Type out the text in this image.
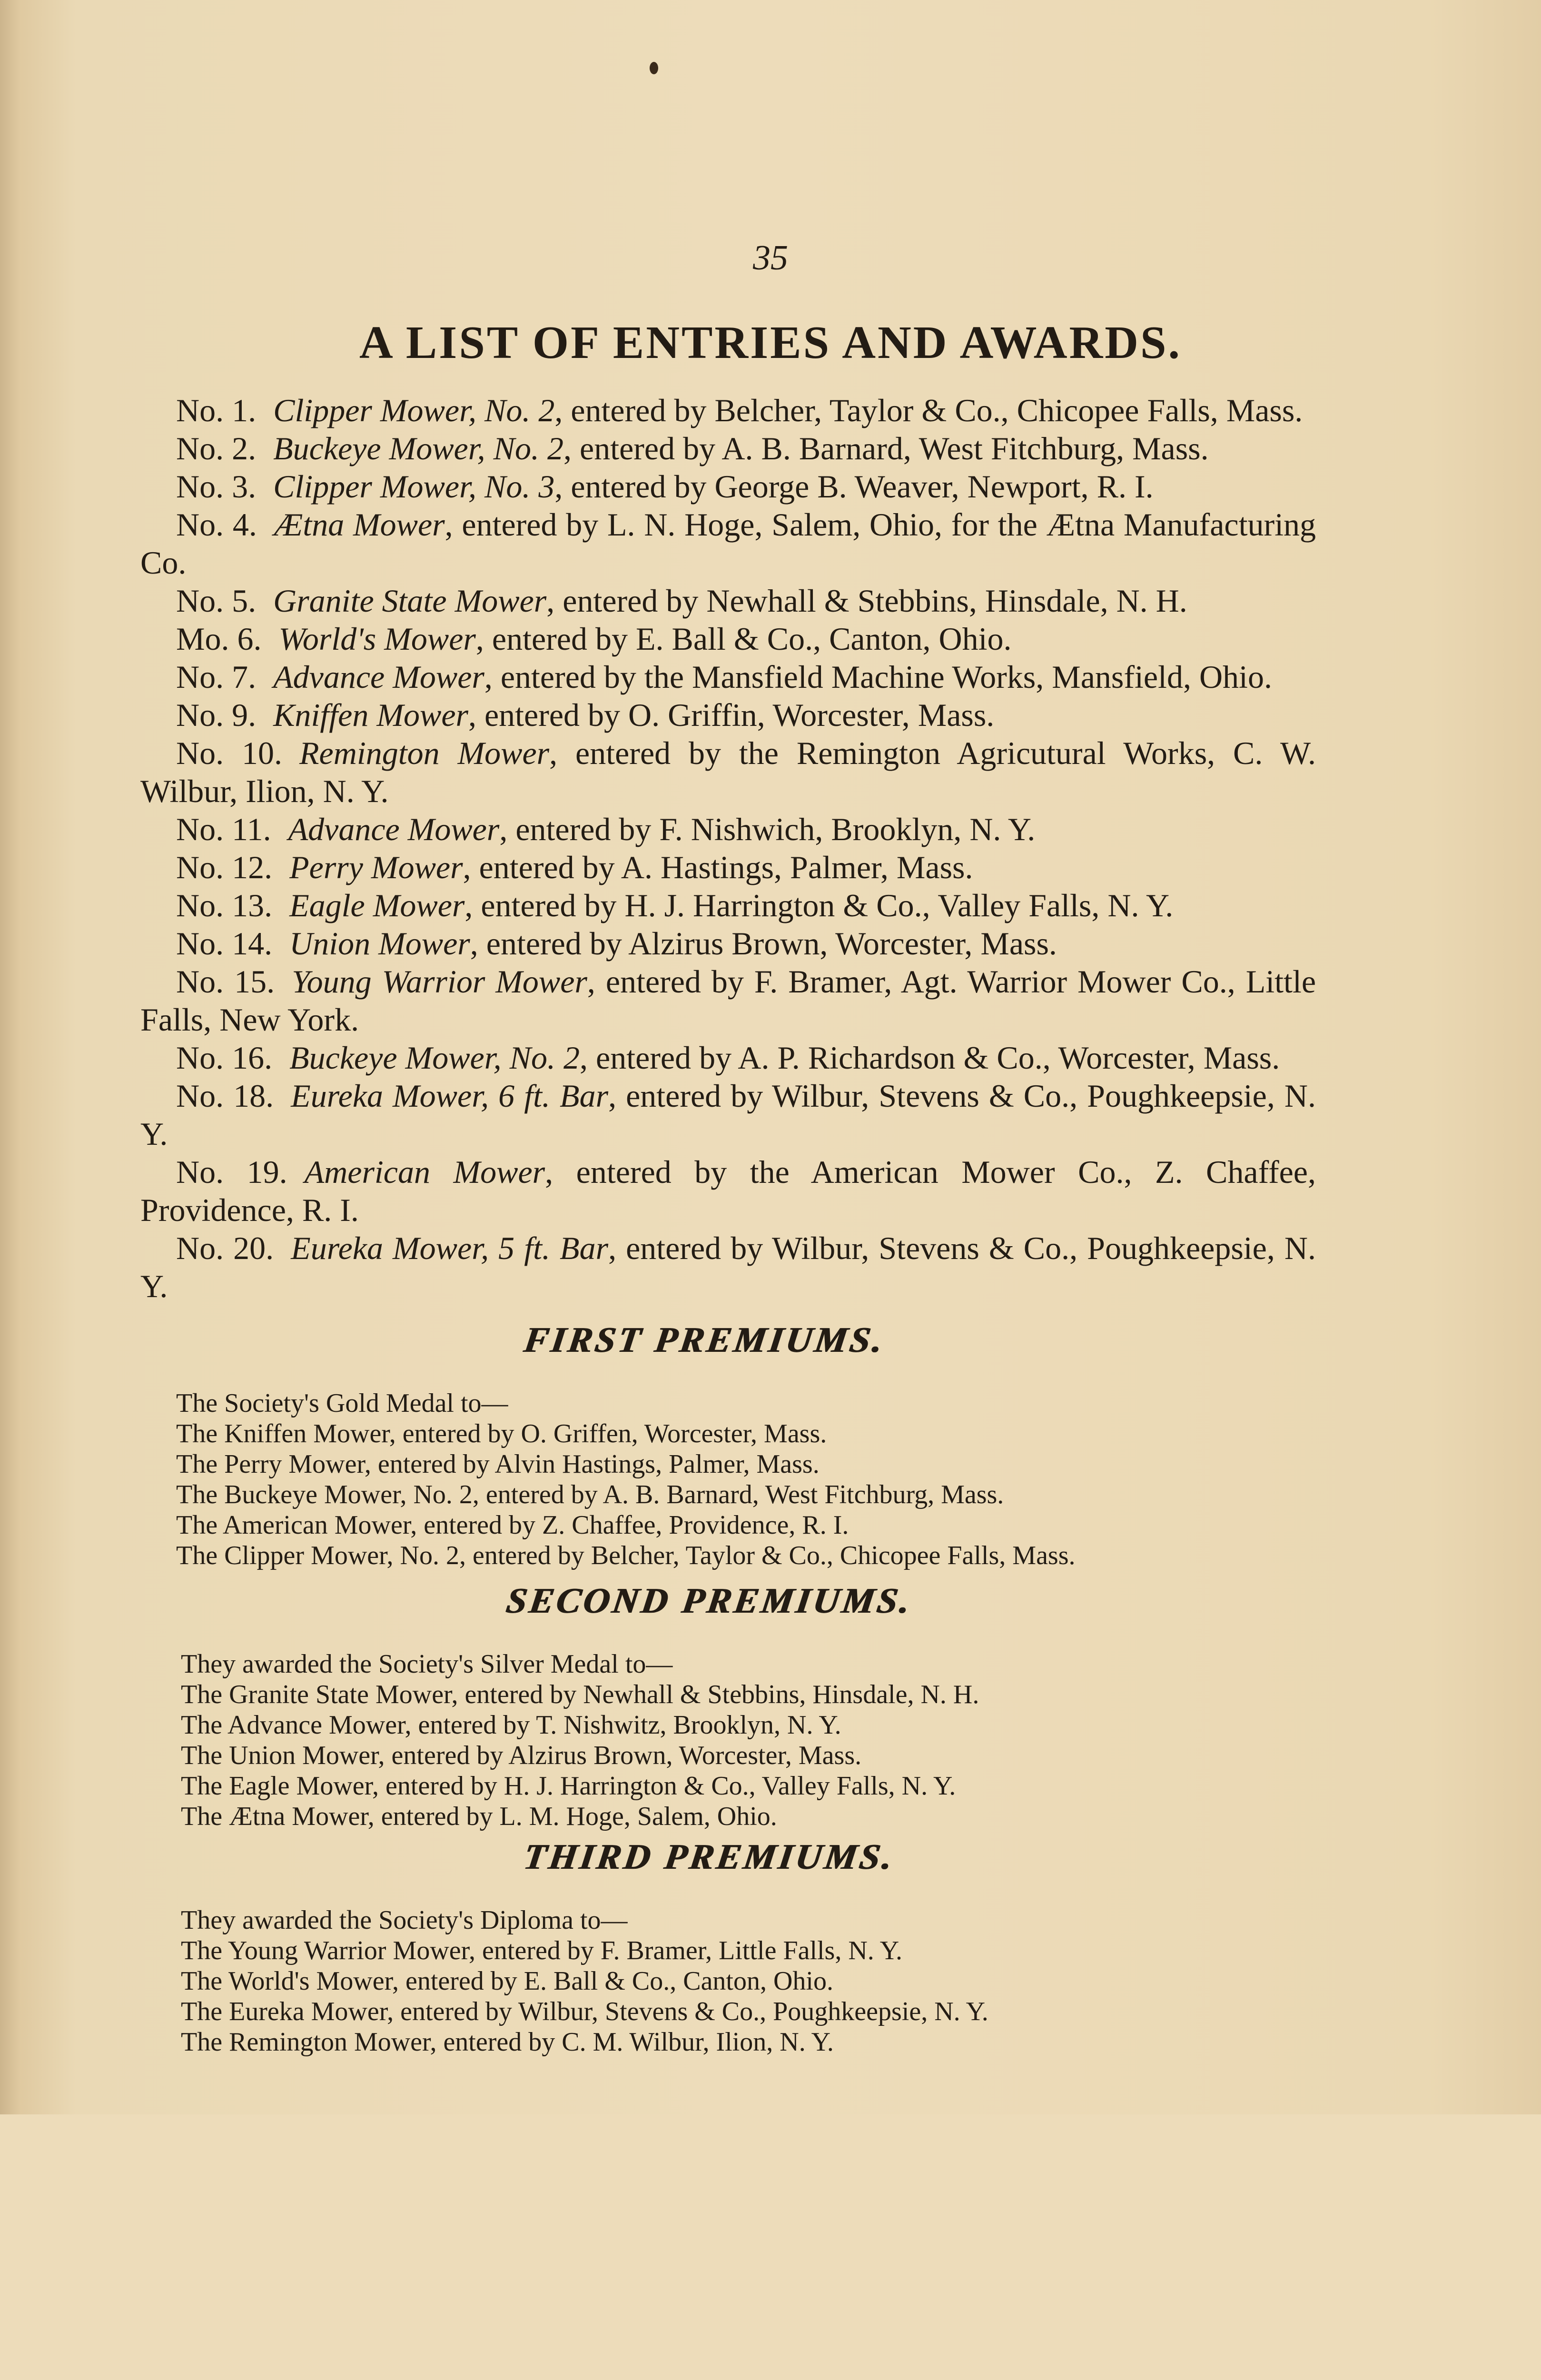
35
A LIST OF ENTRIES AND AWARDS.

No. 1. Clipper Mower, No. 2, entered by Belcher, Taylor & Co., Chicopee Falls, Mass.

No. 2. Buckeye Mower, No. 2, entered by A. B. Barnard, West Fitchburg, Mass.

No. 3. Clipper Mower, No. 3, entered by George B. Weaver, Newport, R. I.

No. 4. Ætna Mower, entered by L. N. Hoge, Salem, Ohio, for the Ætna Manufacturing Co.

No. 5. Granite State Mower, entered by Newhall & Stebbins, Hinsdale, N. H.

Mo. 6. World's Mower, entered by E. Ball & Co., Canton, Ohio.

No. 7. Advance Mower, entered by the Mansfield Machine Works, Mansfield, Ohio.

No. 9. Kniffen Mower, entered by O. Griffin, Worcester, Mass.

No. 10. Remington Mower, entered by the Remington Agricutural Works, C. W. Wilbur, Ilion, N. Y.

No. 11. Advance Mower, entered by F. Nishwich, Brooklyn, N. Y.

No. 12. Perry Mower, entered by A. Hastings, Palmer, Mass.

No. 13. Eagle Mower, entered by H. J. Harrington & Co., Valley Falls, N. Y.

No. 14. Union Mower, entered by Alzirus Brown, Worcester, Mass.

No. 15. Young Warrior Mower, entered by F. Bramer, Agt. Warrior Mower Co., Little Falls, New York.

No. 16. Buckeye Mower, No. 2, entered by A. P. Richardson & Co., Worcester, Mass.

No. 18. Eureka Mower, 6 ft. Bar, entered by Wilbur, Stevens & Co., Poughkeepsie, N. Y.

No. 19. American Mower, entered by the American Mower Co., Z. Chaffee, Providence, R. I.

No. 20. Eureka Mower, 5 ft. Bar, entered by Wilbur, Stevens & Co., Poughkeepsie, N. Y.

FIRST PREMIUMS.
The Society's Gold Medal to—
The Kniffen Mower, entered by O. Griffen, Worcester, Mass.
The Perry Mower, entered by Alvin Hastings, Palmer, Mass.
The Buckeye Mower, No. 2, entered by A. B. Barnard, West Fitchburg, Mass.
The American Mower, entered by Z. Chaffee, Providence, R. I.
The Clipper Mower, No. 2, entered by Belcher, Taylor & Co., Chicopee Falls, Mass.
SECOND PREMIUMS.
They awarded the Society's Silver Medal to—
The Granite State Mower, entered by Newhall & Stebbins, Hinsdale, N. H.
The Advance Mower, entered by T. Nishwitz, Brooklyn, N. Y.
The Union Mower, entered by Alzirus Brown, Worcester, Mass.
The Eagle Mower, entered by H. J. Harrington & Co., Valley Falls, N. Y.
The Ætna Mower, entered by L. M. Hoge, Salem, Ohio.
THIRD PREMIUMS.
They awarded the Society's Diploma to—
The Young Warrior Mower, entered by F. Bramer, Little Falls, N. Y.
The World's Mower, entered by E. Ball & Co., Canton, Ohio.
The Eureka Mower, entered by Wilbur, Stevens & Co., Poughkeepsie, N. Y.
The Remington Mower, entered by C. M. Wilbur, Ilion, N. Y.
